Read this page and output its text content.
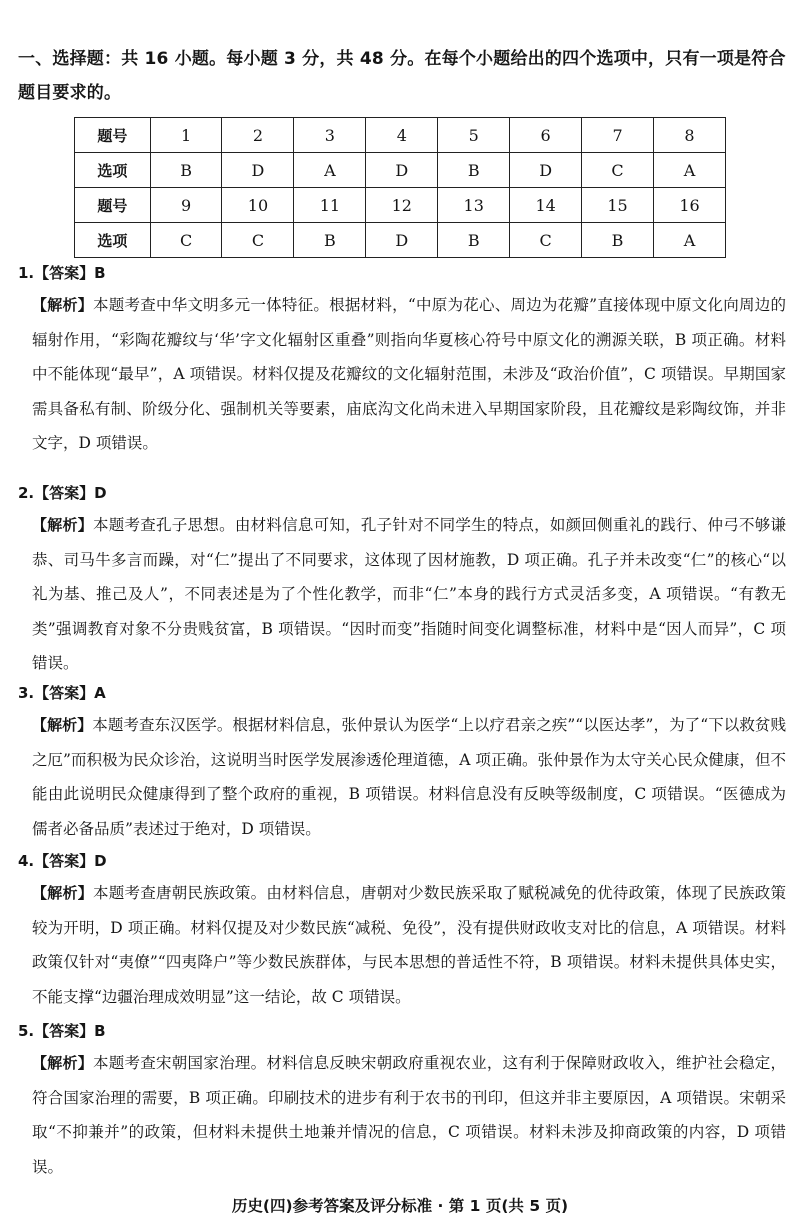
一、选择题：共 16 小题。每小题 3 分，共 48 分。在每个小题给出的四个选项中，只有一项是符合题目要求的。
题号	1	2	3	4	5	6	7	8
选项	B	D	A	D	B	D	C	A
题号	9	10	11	12	13	14	15	16
选项	C	C	B	D	B	C	B	A
1.【答案】B
【解析】本题考查中华文明多元一体特征。根据材料，“中原为花心、周边为花瓣”直接体现中原文化向周边的辐射作用，“彩陶花瓣纹与‘华’字文化辐射区重叠”则指向华夏核心符号中原文化的溯源关联，B 项正确。材料中不能体现“最早”，A 项错误。材料仅提及花瓣纹的文化辐射范围，未涉及“政治价值”，C 项错误。早期国家需具备私有制、阶级分化、强制机关等要素，庙底沟文化尚未进入早期国家阶段，且花瓣纹是彩陶纹饰，并非文字，D 项错误。
2.【答案】D
【解析】本题考查孔子思想。由材料信息可知，孔子针对不同学生的特点，如颜回侧重礼的践行、仲弓不够谦恭、司马牛多言而躁，对“仁”提出了不同要求，这体现了因材施教，D 项正确。孔子并未改变“仁”的核心“以礼为基、推己及人”，不同表述是为了个性化教学，而非“仁”本身的践行方式灵活多变，A 项错误。“有教无类”强调教育对象不分贵贱贫富，B 项错误。“因时而变”指随时间变化调整标准，材料中是“因人而异”，C 项错误。
3.【答案】A
【解析】本题考查东汉医学。根据材料信息，张仲景认为医学“上以疗君亲之疾”“以医达孝”，为了“下以救贫贱之厄”而积极为民众诊治，这说明当时医学发展渗透伦理道德，A 项正确。张仲景作为太守关心民众健康，但不能由此说明民众健康得到了整个政府的重视，B 项错误。材料信息没有反映等级制度，C 项错误。“医德成为儒者必备品质”表述过于绝对，D 项错误。
4.【答案】D
【解析】本题考查唐朝民族政策。由材料信息，唐朝对少数民族采取了赋税减免的优待政策，体现了民族政策较为开明，D 项正确。材料仅提及对少数民族“减税、免役”，没有提供财政收支对比的信息，A 项错误。材料政策仅针对“夷僚”“四夷降户”等少数民族群体，与民本思想的普适性不符，B 项错误。材料未提供具体史实，不能支撑“边疆治理成效明显”这一结论，故 C 项错误。
5.【答案】B
【解析】本题考查宋朝国家治理。材料信息反映宋朝政府重视农业，这有利于保障财政收入，维护社会稳定，符合国家治理的需要，B 项正确。印刷技术的进步有利于农书的刊印，但这并非主要原因，A 项错误。宋朝采取“不抑兼并”的政策，但材料未提供土地兼并情况的信息，C 项错误。材料未涉及抑商政策的内容，D 项错误。
历史(四)参考答案及评分标准 · 第 1 页(共 5 页)
